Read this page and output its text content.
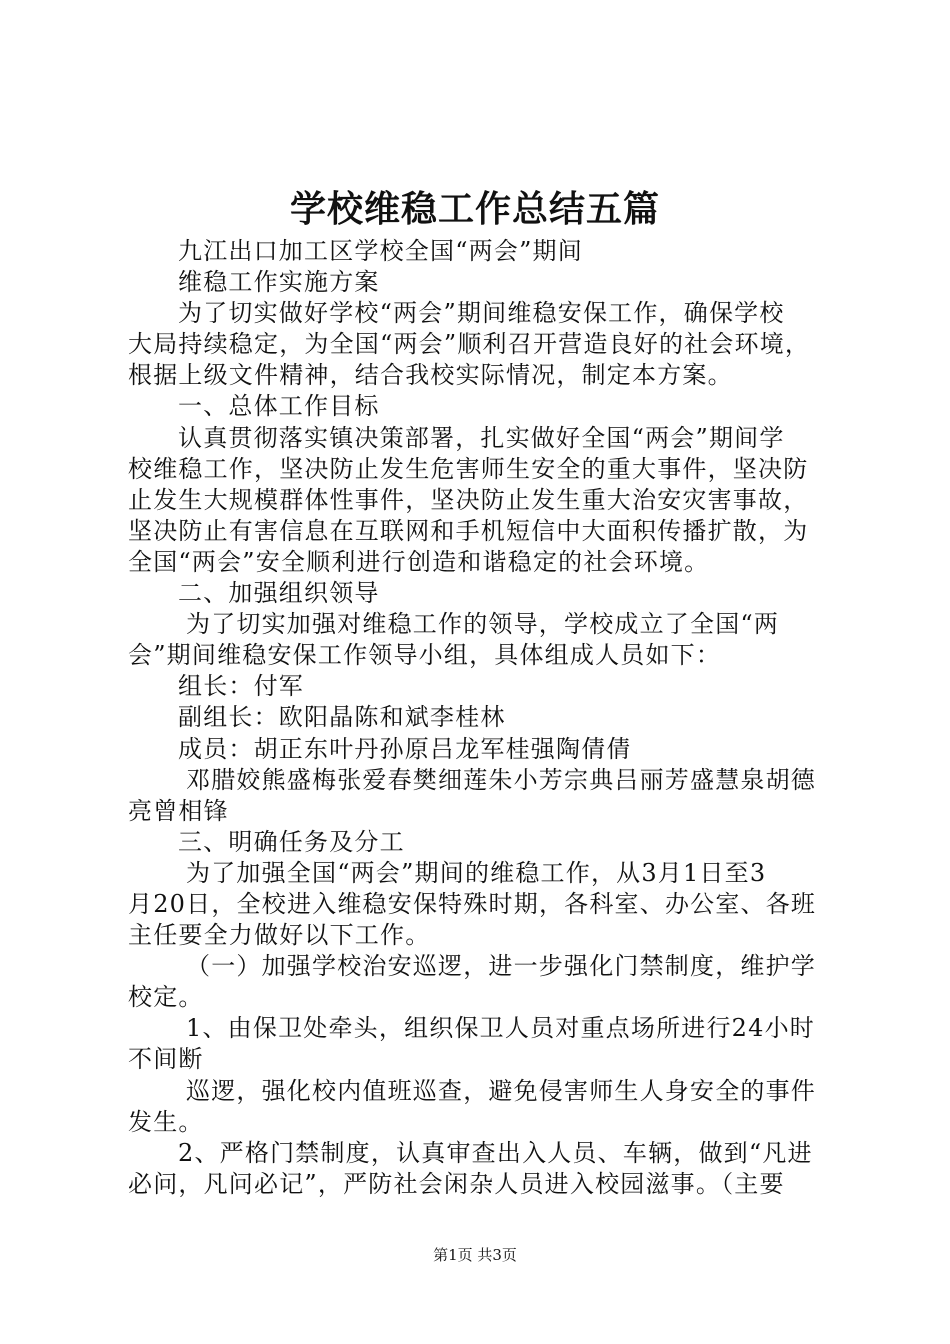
学校维稳工作总结五篇
九江出口加工区学校全国“两会”期间
维稳工作实施方案
为了切实做好学校“两会”期间维稳安保工作，确保学校
大局持续稳定，为全国“两会”顺利召开营造良好的社会环境，
根据上级文件精神，结合我校实际情况，制定本方案。
一、总体工作目标
认真贯彻落实镇决策部署，扎实做好全国“两会”期间学
校维稳工作，坚决防止发生危害师生安全的重大事件，坚决防
止发生大规模群体性事件，坚决防止发生重大治安灾害事故，
坚决防止有害信息在互联网和手机短信中大面积传播扩散，为
全国“两会”安全顺利进行创造和谐稳定的社会环境。
二、加强组织领导
为了切实加强对维稳工作的领导，学校成立了全国“两
会”期间维稳安保工作领导小组，具体组成人员如下：
组长：付军
副组长：欧阳晶陈和斌李桂林
成员：胡正东叶丹孙原吕龙军桂强陶倩倩
邓腊姣熊盛梅张爱春樊细莲朱小芳宗典吕丽芳盛慧泉胡德
亮曾相锋
三、明确任务及分工
为了加强全国“两会”期间的维稳工作，从3月1日至3
月20日，全校进入维稳安保特殊时期，各科室、办公室、各班
主任要全力做好以下工作。
（一）加强学校治安巡逻，进一步强化门禁制度，维护学
校定。
1、由保卫处牵头，组织保卫人员对重点场所进行24小时
不间断
巡逻，强化校内值班巡查，避免侵害师生人身安全的事件
发生。
2、严格门禁制度，认真审查出入人员、车辆，做到“凡进
必问，凡问必记”，严防社会闲杂人员进入校园滋事。（主要
第1页 共3页
